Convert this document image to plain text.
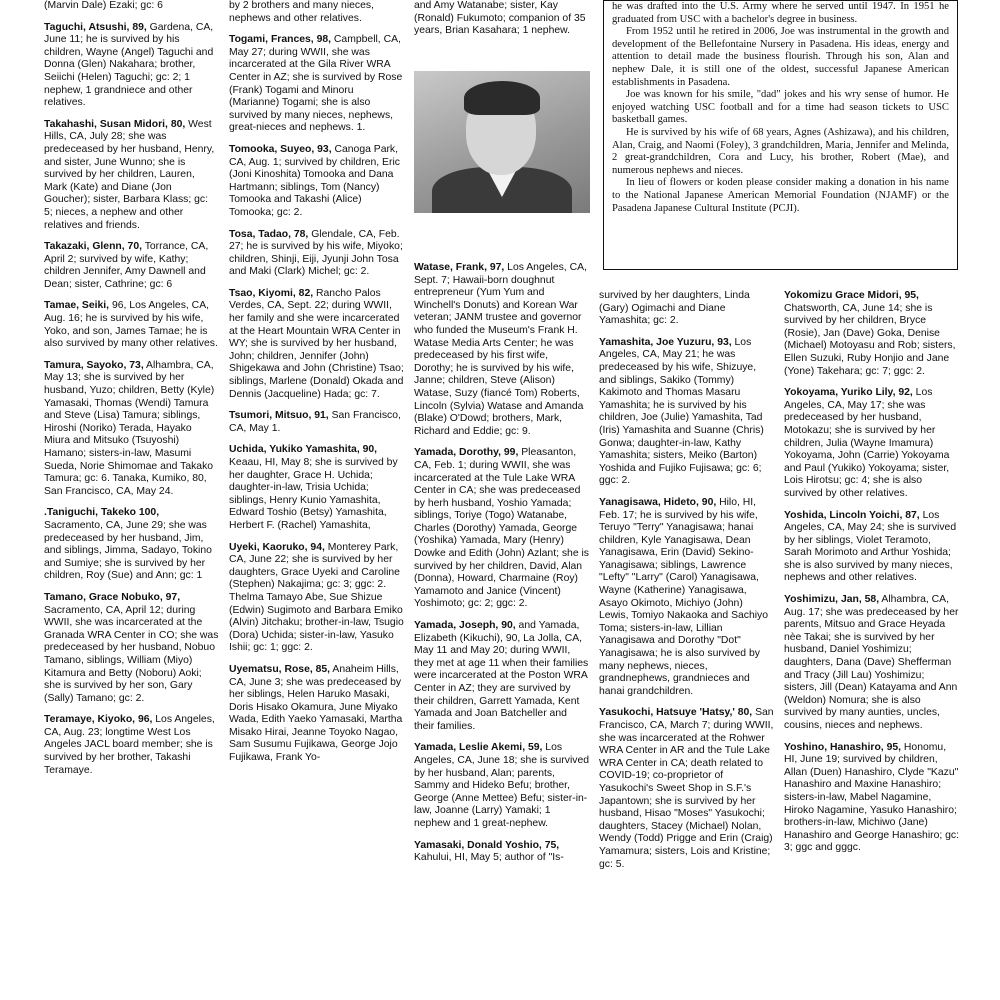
(Marvin Dale) Ezaki; gc: 6
Taguchi, Atsushi, 89, Gardena, CA, June 11; he is survived by his children, Wayne (Angel) Taguchi and Donna (Glen) Nakahara; brother, Seiichi (Helen) Taguchi; gc: 2; 1 nephew, 1 grandniece and other relatives.
Takahashi, Susan Midori, 80, West Hills, CA, July 28; she was predeceased by her husband, Henry, and sister, June Wunno; she is survived by her children, Lauren, Mark (Kate) and Diane (Jon Goucher); sister, Barbara Klass; gc: 5; nieces, a nephew and other relatives and friends.
Takazaki, Glenn, 70, Torrance, CA, April 2; survived by wife, Kathy; children Jennifer, Amy Dawnell and Dean; sister, Cathrine; gc: 6
Tamae, Seiki, 96, Los Angeles, CA, Aug. 16; he is survived by his wife, Yoko, and son, James Tamae; he is also survived by many other relatives.
Tamura, Sayoko, 73, Alhambra, CA, May 13; she is survived by her husband, Yuzo; children, Betty (Kyle) Yamasaki, Thomas (Wendi) Tamura and Steve (Lisa) Tamura; siblings, Hiroshi (Noriko) Terada, Hayako Miura and Mitsuko (Tsuyoshi) Hamano; sisters-in-law, Masumi Sueda, Norie Shimomae and Takako Tamura; gc: 6. Tanaka, Kumiko, 80, San Francisco, CA, May 24.
.Taniguchi, Takeko 100, Sacramento, CA, June 29; she was predeceased by her husband, Jim, and siblings, Jimma, Sadayo, Tokino and Sumiye; she is survived by her children, Roy (Sue) and Ann; gc: 1
Tamano, Grace Nobuko, 97, Sacramento, CA, April 12; during WWII, she was incarcerated at the Granada WRA Center in CO; she was predeceased by her husband, Nobuo Tamano, siblings, William (Miyo) Kitamura and Betty (Noboru) Aoki; she is survived by her son, Gary (Sally) Tamano; gc: 2.
Teramaye, Kiyoko, 96, Los Angeles, CA, Aug. 23; longtime West Los Angeles JACL board member; she is survived by her brother, Takashi Teramaye.
by 2 brothers and many nieces, nephews and other relatives.
Togami, Frances, 98, Campbell, CA, May 27; during WWII, she was incarcerated at the Gila River WRA Center in AZ; she is survived by Rose (Frank) Togami and Minoru (Marianne) Togami; she is also survived by many nieces, nephews, great-nieces and nephews. 1.
Tomooka, Suyeo, 93, Canoga Park, CA, Aug. 1; survived by children, Eric (Joni Kinoshita) Tomooka and Dana Hartmann; siblings, Tom (Nancy) Tomooka and Takashi (Alice) Tomooka; gc: 2.
Tosa, Tadao, 78, Glendale, CA, Feb. 27; he is survived by his wife, Miyoko; children, Shinji, Eiji, Jyunji John Tosa and Maki (Clark) Michel; gc: 2.
Tsao, Kiyomi, 82, Rancho Palos Verdes, CA, Sept. 22; during WWII, her family and she were incarcerated at the Heart Mountain WRA Center in WY; she is survived by her husband, John; children, Jennifer (John) Shigekawa and John (Christine) Tsao; siblings, Marlene (Donald) Okada and Dennis (Jacqueline) Hada; gc: 7.
Tsumori, Mitsuo, 91, San Francisco, CA, May 1.
Uchida, Yukiko Yamashita, 90, Keaau, HI, May 8; she is survived by her daughter, Grace H. Uchida; daughter-in-law, Trisia Uchida; siblings, Henry Kunio Yamashita, Edward Toshio (Betsy) Yamashita, Herbert F. (Rachel) Yamashita,
Uyeki, Kaoruko, 94, Monterey Park, CA, June 22; she is survived by her daughters, Grace Uyeki and Caroline (Stephen) Nakajima; gc: 3; ggc: 2. Thelma Tamayo Abe, Sue Shizue (Edwin) Sugimoto and Barbara Emiko (Alvin) Jitchaku; brother-in-law, Tsugio (Dora) Uchida; sister-in-law, Yasuko Ishii; gc: 1; ggc: 2.
Uyematsu, Rose, 85, Anaheim Hills, CA, June 3; she was predeceased by her siblings, Helen Haruko Masaki, Doris Hisako Okamura, June Miyako Wada, Edith Yaeko Yamasaki, Martha Misako Hirai, Jeanne Toyoko Nagao, Sam Susumu Fujikawa, George Jojo Fujikawa, Frank Yo-
and Amy Watanabe; sister, Kay (Ronald) Fukumoto; companion of 35 years, Brian Kasahara; 1 nephew.
Watase, Frank, 97, Los Angeles, CA, Sept. 7; Hawaii-born doughnut entrepreneur (Yum Yum and Winchell's Donuts) and Korean War veteran; JANM trustee and governor who funded the Museum's Frank H. Watase Media Arts Center; he was predeceased by his first wife, Dorothy; he is survived by his wife, Janne; children, Steve (Alison) Watase, Suzy (fiancé Tom) Roberts, Lincoln (Sylvia) Watase and Amanda (Blake) O'Dowd; brothers, Mark, Richard and Eddie; gc: 9.
Yamada, Dorothy, 99, Pleasanton, CA, Feb. 1; during WWII, she was incarcerated at the Tule Lake WRA Center in CA; she was predeceased by herh husband, Yoshio Yamada; siblings, Toriye (Togo) Watanabe, Charles (Dorothy) Yamada, George (Yoshika) Yamada, Mary (Henry) Dowke and Edith (John) Azlant; she is survived by her children, David, Alan (Donna), Howard, Charmaine (Roy) Yamamoto and Janice (Vincent) Yoshimoto; gc: 2; ggc: 2.
Yamada, Joseph, 90, and Yamada, Elizabeth (Kikuchi), 90, La Jolla, CA, May 11 and May 20; during WWII, they met at age 11 when their families were incarcerated at the Poston WRA Center in AZ; they are survived by their children, Garrett Yamada, Kent Yamada and Joan Batcheller and their families.
Yamada, Leslie Akemi, 59, Los Angeles, CA, June 18; she is survived by her husband, Alan; parents, Sammy and Hideko Befu; brother, George (Anne Mettee) Befu; sister-in-law, Joanne (Larry) Yamaki; 1 nephew and 1 great-nephew.
Yamasaki, Donald Yoshio, 75, Kahului, HI, May 5; author of "Is-

he was drafted into the U.S. Army where he served until 1947. In 1951 he graduated from USC with a bachelor's degree in business.

From 1952 until he retired in 2006, Joe was instrumental in the growth and development of the Bellefontaine Nursery in Pasadena. His ideas, energy and attention to detail made the business flourish. Through his son, Alan and nephew Dale, it is still one of the oldest, successful Japanese American establishments in Pasadena.

Joe was known for his smile, "dad" jokes and his wry sense of humor. He enjoyed watching USC football and for a time had season tickets to USC basketball games.

He is survived by his wife of 68 years, Agnes (Ashizawa), and his children, Alan, Craig, and Naomi (Foley), 3 grandchildren, Maria, Jennifer and Melinda, 2 great-grandchildren, Cora and Lucy, his brother, Robert (Mae), and numerous nephews and nieces.

In lieu of flowers or koden please consider making a donation in his name to the National Japanese American Memorial Foundation (NJAMF) or the Pasadena Japanese Cultural Institute (PCJI).

survived by her daughters, Linda (Gary) Ogimachi and Diane Yamashita; gc: 2.
Yamashita, Joe Yuzuru, 93, Los Angeles, CA, May 21; he was predeceased by his wife, Shizuye, and siblings, Sakiko (Tommy) Kakimoto and Thomas Masaru Yamashita; he is survived by his children, Joe (Julie) Yamashita, Tad (Iris) Yamashita and Suanne (Chris) Gonwa; daughter-in-law, Kathy Yamashita; sisters, Meiko (Barton) Yoshida and Fujiko Fujisawa; gc: 6; ggc: 2.
Yanagisawa, Hideto, 90, Hilo, HI, Feb. 17; he is survived by his wife, Teruyo "Terry" Yanagisawa; hanai children, Kyle Yanagisawa, Dean Yanagisawa, Erin (David) Sekino-Yanagisawa; siblings, Lawrence "Lefty" "Larry" (Carol) Yanagisawa, Wayne (Katherine) Yanagisawa, Asayo Okimoto, Michiyo (John) Lewis, Tomiyo Nakaoka and Sachiyo Toma; sisters-in-law, Lillian Yanagisawa and Dorothy "Dot" Yanagisawa; he is also survived by many nephews, nieces, grandnephews, grandnieces and hanai grandchildren.
Yasukochi, Hatsuye 'Hatsy,' 80, San Francisco, CA, March 7; during WWII, she was incarcerated at the Rohwer WRA Center in AR and the Tule Lake WRA Center in CA; death related to COVID-19; co-proprietor of Yasukochi's Sweet Shop in S.F.'s Japantown; she is survived by her husband, Hisao "Moses" Yasukochi; daughters, Stacey (Michael) Nolan, Wendy (Todd) Prigge and Erin (Craig) Yamamura; sisters, Lois and Kristine; gc: 5.
Yokomizu Grace Midori, 95, Chatsworth, CA, June 14; she is survived by her children, Bryce (Rosie), Jan (Dave) Goka, Denise (Michael) Motoyasu and Rob; sisters, Ellen Suzuki, Ruby Honjio and Jane (Yone) Takehara; gc: 7; ggc: 2.
Yokoyama, Yuriko Lily, 92, Los Angeles, CA, May 17; she was predeceased by her husband, Motokazu; she is survived by her children, Julia (Wayne Imamura) Yokoyama, John (Carrie) Yokoyama and Paul (Yukiko) Yokoyama; sister, Lois Hirotsu; gc: 4; she is also survived by other relatives.
Yoshida, Lincoln Yoichi, 87, Los Angeles, CA, May 24; she is survived by her siblings, Violet Teramoto, Sarah Morimoto and Arthur Yoshida; she is also survived by many nieces, nephews and other relatives.
Yoshimizu, Jan, 58, Alhambra, CA, Aug. 17; she was predeceased by her parents, Mitsuo and Grace Heyada nèe Takai; she is survived by her husband, Daniel Yoshimizu; daughters, Dana (Dave) Shefferman and Tracy (Jill Lau) Yoshimizu; sisters, Jill (Dean) Katayama and Ann (Weldon) Nomura; she is also survived by many aunties, uncles, cousins, nieces and nephews.
Yoshino, Hanashiro, 95, Honomu, HI, June 19; survived by children, Allan (Duen) Hanashiro, Clyde "Kazu" Hanashiro and Maxine Hanashiro; sisters-in-law, Mabel Nagamine, Hiroko Nagamine, Yasuko Hanashiro; brothers-in-law, Michiwo (Jane) Hanashiro and George Hanashiro; gc: 3; ggc and gggc.
